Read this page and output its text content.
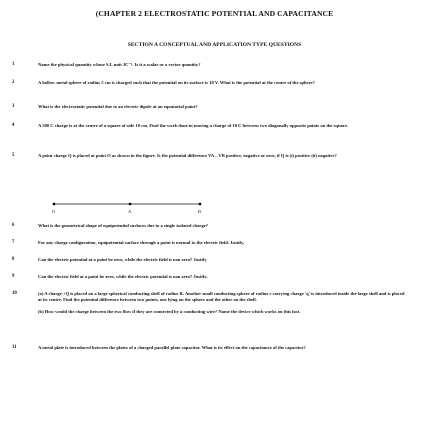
(CHAPTER 2 ELECTROSTATIC POTENTIAL AND CAPACITANCE
SECTION A CONCEPTUAL AND APPLICATION TYPE QUESTIONS
1	Name the physical quantity whose S.I. unit JC⁻¹. Is it a scalar or a vector quantity?
2	A hollow metal sphere of radius 5 cm is charged such that the potential on its surface is 10 V. What is the potential at the centre of the sphere?
3	What is the electrostatic potential due to an electric dipole at an equatorial point?
4	A 500 C charge is at the centre of a square of side 10 cm. Find the work done in moving a charge of 10 C between two diagonally opposite points on the square.
5	A point charge Q is placed at point O as shown in the figure. Is the potential difference VA – VB positive, negative or zero, if Q is (i) positive (ii) negative?
O	A	B
6	What is the geometrical shape of equipotential surfaces due to a single isolated charge?
7	For any charge configuration, equipotential surface through a point is normal to the electric field. Justify.
8	Can the electric potential at a point be zero, while the electric field is non zero? Justify
9	Can the electric field at a point be zero, while the electric potential is non zero? Justify.
10	(a) A charge +Q is placed on a large spherical conducting shell of radius R. Another small conducting sphere of radius r carrying charge 'q' is introduced inside the large shell and is placed at its centre. Find the potential difference between two points, one lying on the sphere and the other on the shell.
(b) How would the charge between the two flow if they are connected by a conducting wire? Name the device which works on this fact.
11	A metal plate is introduced between the plates of a charged parallel plate capacitor. What is its effect on the capacitance of the capacitor?
